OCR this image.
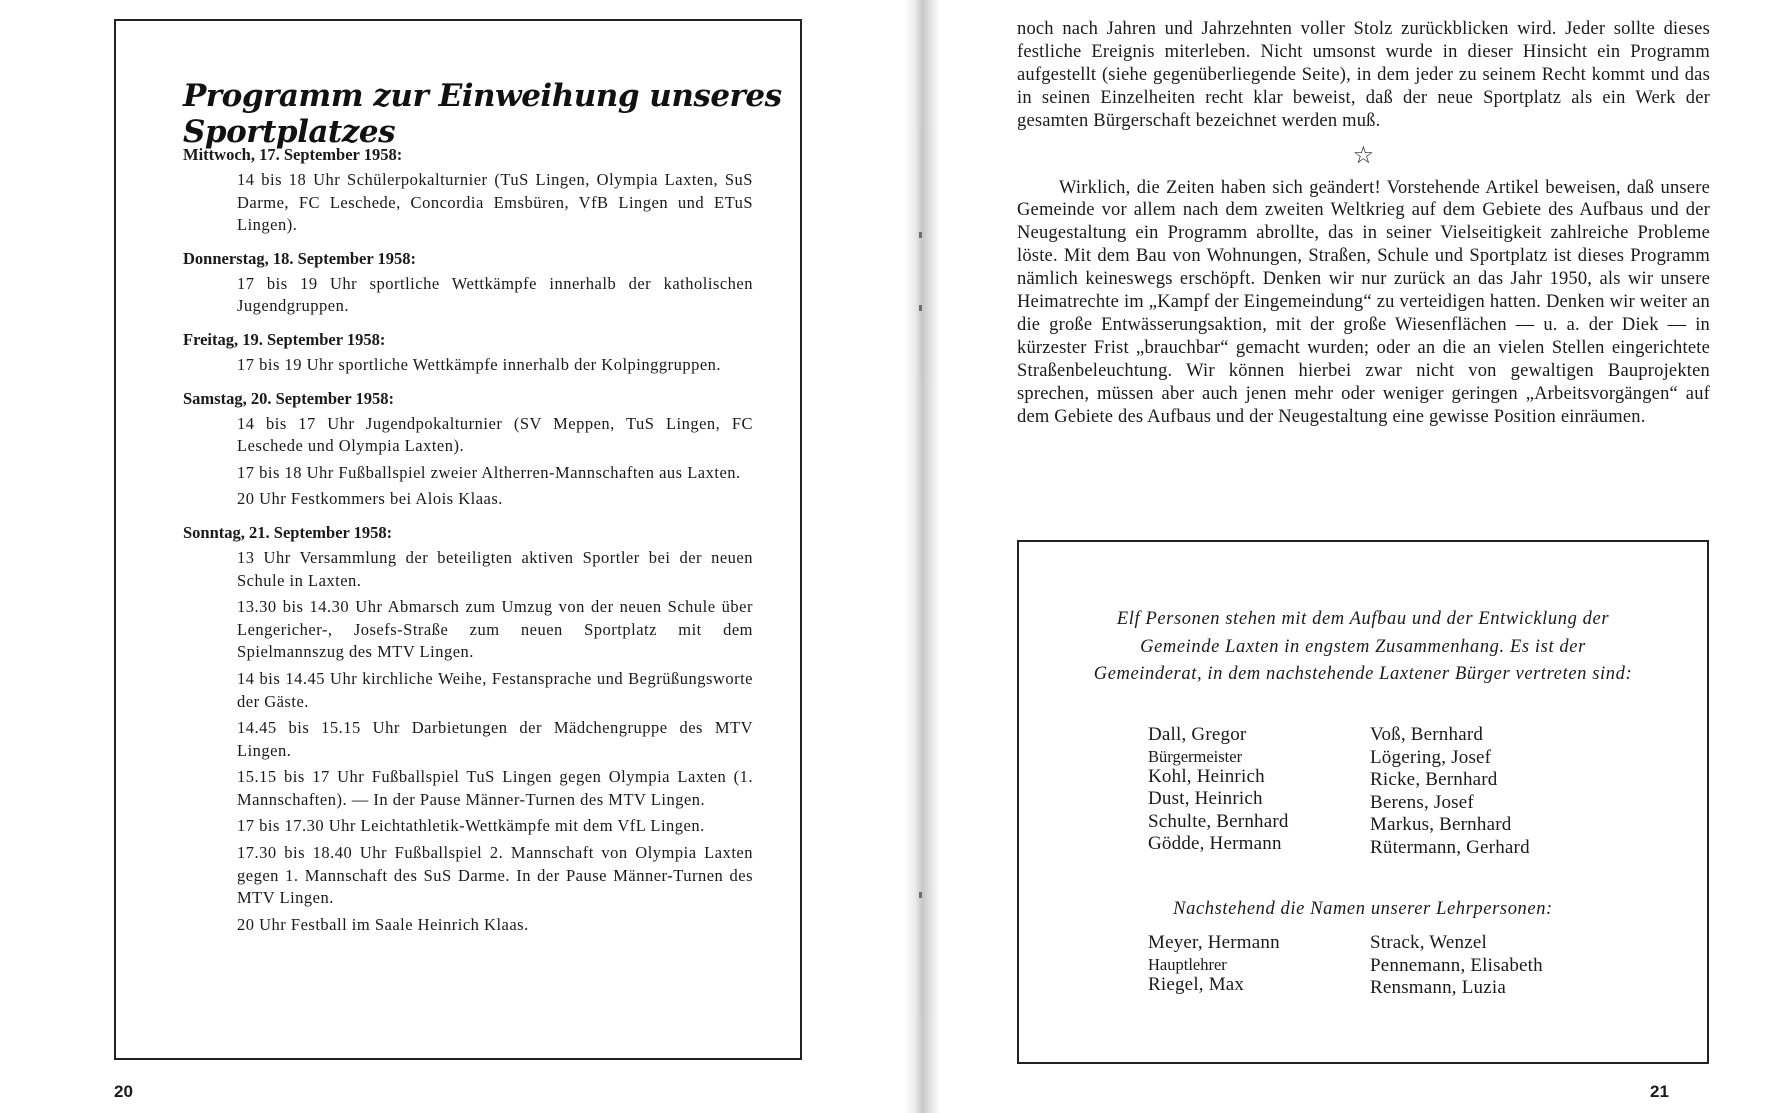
Programm zur Einweihung unseres Sportplatzes

Mittwoch, 17. September 1958:

14 bis 18 Uhr Schülerpokalturnier (TuS Lingen, Olympia Laxten, SuS Darme, FC Leschede, Concordia Emsbüren, VfB Lingen und ETuS Lingen).

Donnerstag, 18. September 1958:

17 bis 19 Uhr sportliche Wettkämpfe innerhalb der katholischen Jugendgruppen.

Freitag, 19. September 1958:

17 bis 19 Uhr sportliche Wettkämpfe innerhalb der Kolpinggruppen.

Samstag, 20. September 1958:

14 bis 17 Uhr Jugendpokalturnier (SV Meppen, TuS Lingen, FC Leschede und Olympia Laxten).

17 bis 18 Uhr Fußballspiel zweier Altherren-Mannschaften aus Laxten.

20 Uhr Festkommers bei Alois Klaas.

Sonntag, 21. September 1958:

13 Uhr Versammlung der beteiligten aktiven Sportler bei der neuen Schule in Laxten.

13.30 bis 14.30 Uhr Abmarsch zum Umzug von der neuen Schule über Lengericher-, Josefs-Straße zum neuen Sportplatz mit dem Spielmannszug des MTV Lingen.

14 bis 14.45 Uhr kirchliche Weihe, Festansprache und Begrüßungsworte der Gäste.

14.45 bis 15.15 Uhr Darbietungen der Mädchengruppe des MTV Lingen.

15.15 bis 17 Uhr Fußballspiel TuS Lingen gegen Olympia Laxten (1. Mannschaften). — In der Pause Männer-Turnen des MTV Lingen.

17 bis 17.30 Uhr Leichtathletik-Wettkämpfe mit dem VfL Lingen.

17.30 bis 18.40 Uhr Fußballspiel 2. Mannschaft von Olympia Laxten gegen 1. Mannschaft des SuS Darme. In der Pause Männer-Turnen des MTV Lingen.

20 Uhr Festball im Saale Heinrich Klaas.

20

noch nach Jahren und Jahrzehnten voller Stolz zurückblicken wird. Jeder sollte dieses festliche Ereignis miterleben. Nicht umsonst wurde in dieser Hinsicht ein Programm aufgestellt (siehe gegenüberliegende Seite), in dem jeder zu seinem Recht kommt und das in seinen Einzelheiten recht klar beweist, daß der neue Sportplatz als ein Werk der gesamten Bürgerschaft bezeichnet werden muß.

☆

Wirklich, die Zeiten haben sich geändert! Vorstehende Artikel beweisen, daß unsere Gemeinde vor allem nach dem zweiten Weltkrieg auf dem Gebiete des Aufbaus und der Neugestaltung ein Programm abrollte, das in seiner Vielseitigkeit zahlreiche Probleme löste. Mit dem Bau von Wohnungen, Straßen, Schule und Sportplatz ist dieses Programm nämlich keineswegs erschöpft. Denken wir nur zurück an das Jahr 1950, als wir unsere Heimatrechte im „Kampf der Eingemeindung“ zu verteidigen hatten. Denken wir weiter an die große Entwässerungsaktion, mit der große Wiesenflächen — u. a. der Diek — in kürzester Frist „brauchbar“ gemacht wurden; oder an die an vielen Stellen eingerichtete Straßenbeleuchtung. Wir können hierbei zwar nicht von gewaltigen Bauprojekten sprechen, müssen aber auch jenen mehr oder weniger geringen „Arbeitsvorgängen“ auf dem Gebiete des Aufbaus und der Neugestaltung eine gewisse Position einräumen.

Elf Personen stehen mit dem Aufbau und der Entwicklung der Gemeinde Laxten in engstem Zusammenhang. Es ist der Gemeinderat, in dem nachstehende Laxtener Bürger vertreten sind:

Dall, Gregor

Bürgermeister

Kohl, Heinrich

Dust, Heinrich

Schulte, Bernhard

Gödde, Hermann

Voß, Bernhard

Lögering, Josef

Ricke, Bernhard

Berens, Josef

Markus, Bernhard

Rütermann, Gerhard

Nachstehend die Namen unserer Lehrpersonen:

Meyer, Hermann

Hauptlehrer

Riegel, Max

Strack, Wenzel

Pennemann, Elisabeth

Rensmann, Luzia

21
